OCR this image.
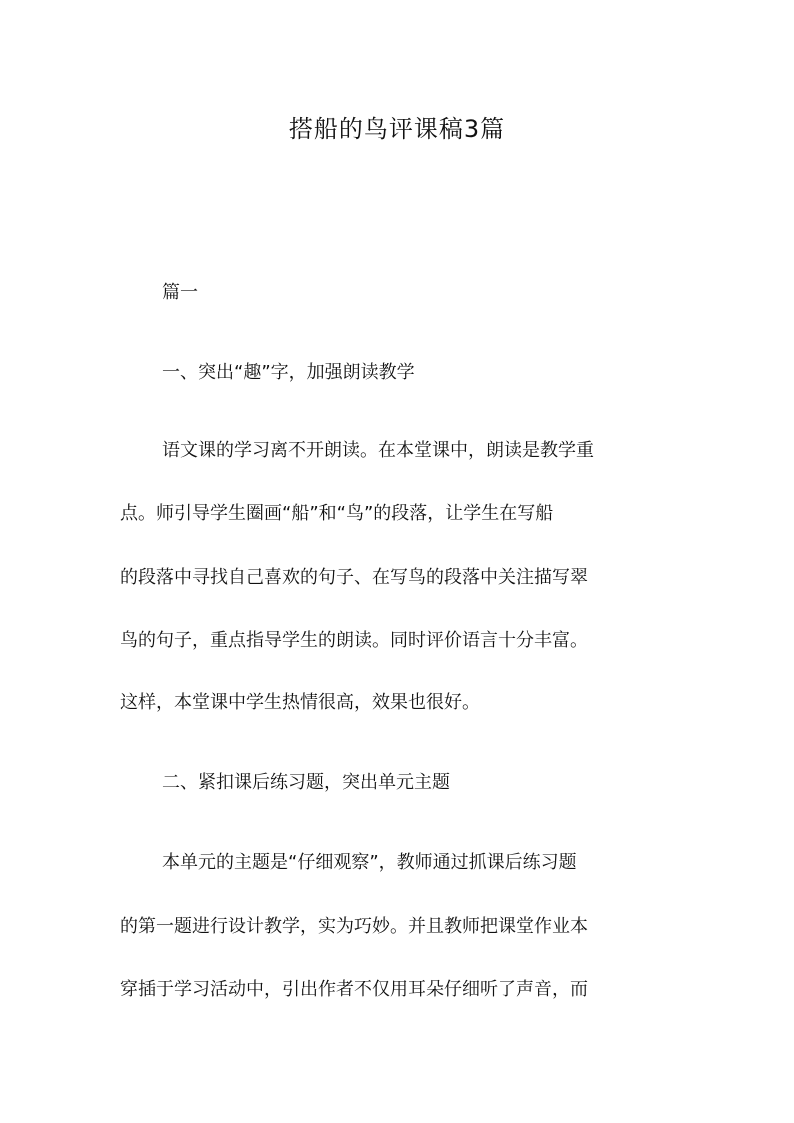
搭船的鸟评课稿3篇
篇一
一、突出“趣”字，加强朗读教学
语文课的学习离不开朗读。在本堂课中，朗读是教学重
点。师引导学生圈画“船”和“鸟”的段落，让学生在写船
的段落中寻找自己喜欢的句子、在写鸟的段落中关注描写翠
鸟的句子，重点指导学生的朗读。同时评价语言十分丰富。
这样，本堂课中学生热情很高，效果也很好。
二、紧扣课后练习题，突出单元主题
本单元的主题是“仔细观察”，教师通过抓课后练习题
的第一题进行设计教学，实为巧妙。并且教师把课堂作业本
穿插于学习活动中，引出作者不仅用耳朵仔细听了声音，而
